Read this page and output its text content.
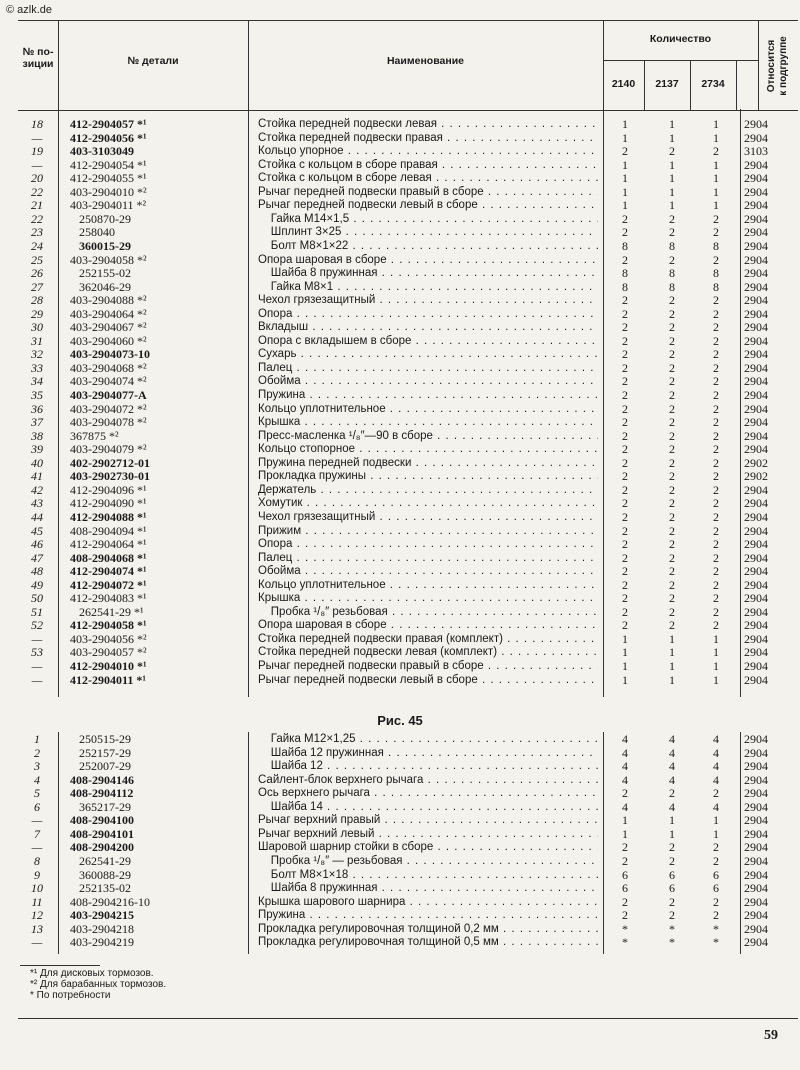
© azlk.de
№ по-
зиции	№ детали	Наименование
Количество
2140	2137	2734	Относится
к подгруппе
18	412-2904057 *¹	Стойка передней подвески левая . . .	1	1	1	2904
—	412-2904056 *¹	Стойка передней подвески правая . . .	1	1	1	2904
19	403-3103049	Кольцо упорное . . .	2	2	2	3103
—	412-2904054 *¹	Стойка с кольцом в сборе правая . . .	1	1	1	2904
20	412-2904055 *¹	Стойка с кольцом в сборе левая . . .	1	1	1	2904
22	403-2904010 *²	Рычаг передней подвески правый в сборе . . .	1	1	1	2904
21	403-2904011 *²	Рычаг передней подвески левый в сборе . . .	1	1	1	2904
22	250870-29	Гайка М14×1,5 . . .	2	2	2	2904
23	258040	Шплинт 3×25 . . .	2	2	2	2904
24	360015-29	Болт М8×1×22 . . .	8	8	8	2904
25	403-2904058 *²	Опора шаровая в сборе . . .	2	2	2	2904
26	252155-02	Шайба 8 пружинная . . .	8	8	8	2904
27	362046-29	Гайка М8×1 . . .	8	8	8	2904
28	403-2904088 *²	Чехол грязезащитный . . .	2	2	2	2904
29	403-2904064 *²	Опора . . .	2	2	2	2904
30	403-2904067 *²	Вкладыш . . .	2	2	2	2904
31	403-2904060 *²	Опора с вкладышем в сборе . . .	2	2	2	2904
32	403-2904073-10	Сухарь . . .	2	2	2	2904
33	403-2904068 *²	Палец . . .	2	2	2	2904
34	403-2904074 *²	Обойма . . .	2	2	2	2904
35	403-2904077-А	Пружина . . .	2	2	2	2904
36	403-2904072 *²	Кольцо уплотнительное . . .	2	2	2	2904
37	403-2904078 *²	Крышка . . .	2	2	2	2904
38	367875 *²	Пресс-масленка ¹/₈″—90 в сборе . . .	2	2	2	2904
39	403-2904079 *²	Кольцо стопорное . . .	2	2	2	2904
40	402-2902712-01	Пружина передней подвески . . .	2	2	2	2902
41	403-2902730-01	Прокладка пружины . . .	2	2	2	2902
42	412-2904096 *¹	Держатель . . .	2	2	2	2904
43	412-2904090 *¹	Хомутик . . .	2	2	2	2904
44	412-2904088 *¹	Чехол грязезащитный . . .	2	2	2	2904
45	408-2904094 *¹	Прижим . . .	2	2	2	2904
46	412-2904064 *¹	Опора . . .	2	2	2	2904
47	408-2904068 *¹	Палец . . .	2	2	2	2904
48	412-2904074 *¹	Обойма . . .	2	2	2	2904
49	412-2904072 *¹	Кольцо уплотнительное . . .	2	2	2	2904
50	412-2904083 *¹	Крышка . . .	2	2	2	2904
51	262541-29 *¹	Пробка ¹/₈″ резьбовая . . .	2	2	2	2904
52	412-2904058 *¹	Опора шаровая в сборе . . .	2	2	2	2904
—	403-2904056 *²	Стойка передней подвески правая (комплект) . . .	1	1	1	2904
53	403-2904057 *²	Стойка передней подвески левая (комплект) . . .	1	1	1	2904
—	412-2904010 *¹	Рычаг передней подвески правый в сборе . . .	1	1	1	2904
—	412-2904011 *¹	Рычаг передней подвески левый в сборе . . .	1	1	1	2904
Рис. 45
1	250515-29	Гайка М12×1,25 . . .	4	4	4	2904
2	252157-29	Шайба 12 пружинная . . .	4	4	4	2904
3	252007-29	Шайба 12 . . .	4	4	4	2904
4	408-2904146	Сайлент-блок верхнего рычага . . .	4	4	4	2904
5	408-2904112	Ось верхнего рычага . . .	2	2	2	2904
6	365217-29	Шайба 14 . . .	4	4	4	2904
—	408-2904100	Рычаг верхний правый . . .	1	1	1	2904
7	408-2904101	Рычаг верхний левый . . .	1	1	1	2904
—	408-2904200	Шаровой шарнир стойки в сборе . . .	2	2	2	2904
8	262541-29	Пробка ¹/₈″ — резьбовая . . .	2	2	2	2904
9	360088-29	Болт М8×1×18 . . .	6	6	6	2904
10	252135-02	Шайба 8 пружинная . . .	6	6	6	2904
11	408-2904216-10	Крышка шарового шарнира . . .	2	2	2	2904
12	403-2904215	Пружина . . .	2	2	2	2904
13	403-2904218	Прокладка регулировочная толщиной 0,2 мм . . .	*	*	*	2904
—	403-2904219	Прокладка регулировочная толщиной 0,5 мм . . .	*	*	*	2904
*¹ Для дисковых тормозов.
*² Для барабанных тормозов.
* По потребности
59
